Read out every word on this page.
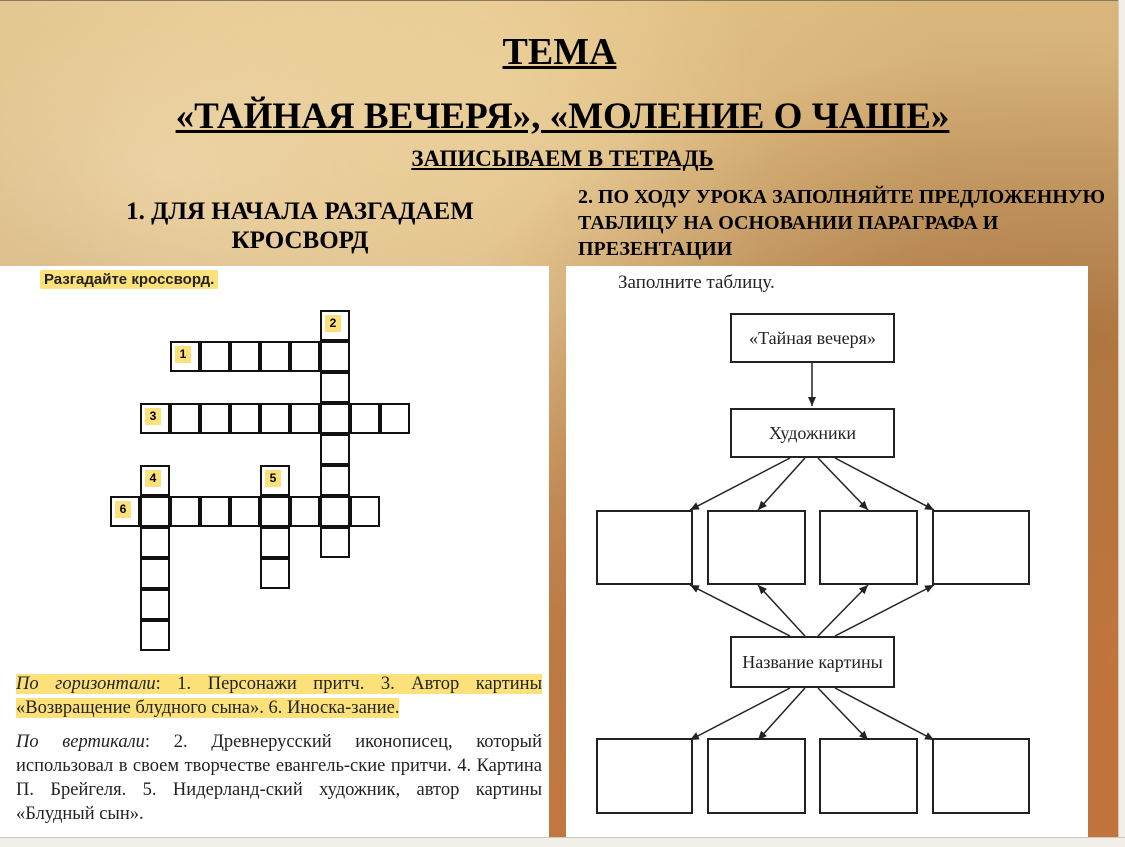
ТЕМА
«ТАЙНАЯ ВЕЧЕРЯ», «МОЛЕНИЕ О ЧАШЕ»
ЗАПИСЫВАЕМ В ТЕТРАДЬ
1. ДЛЯ НАЧАЛА РАЗГАДАЕМ КРОСВОРД
2. ПО ХОДУ УРОКА ЗАПОЛНЯЙТЕ ПРЕДЛОЖЕННУЮ ТАБЛИЦУ НА ОСНОВАНИИ ПАРАГРАФА И ПРЕЗЕНТАЦИИ
Разгадайте кроссворд.
1
2
3
4	5
6

По горизонтали: 1. Персонажи притч. 3. Автор картины «Возвращение блудного сына». 6. Иноска-зание.

По вертикали: 2. Древнерусский иконописец, который использовал в своем творчестве евангель-ские притчи. 4. Картина П. Брейгеля. 5. Нидерланд-ский художник, автор картины «Блудный сын».

Заполните таблицу.
«Тайная вечеря»
Художники
Название картины
